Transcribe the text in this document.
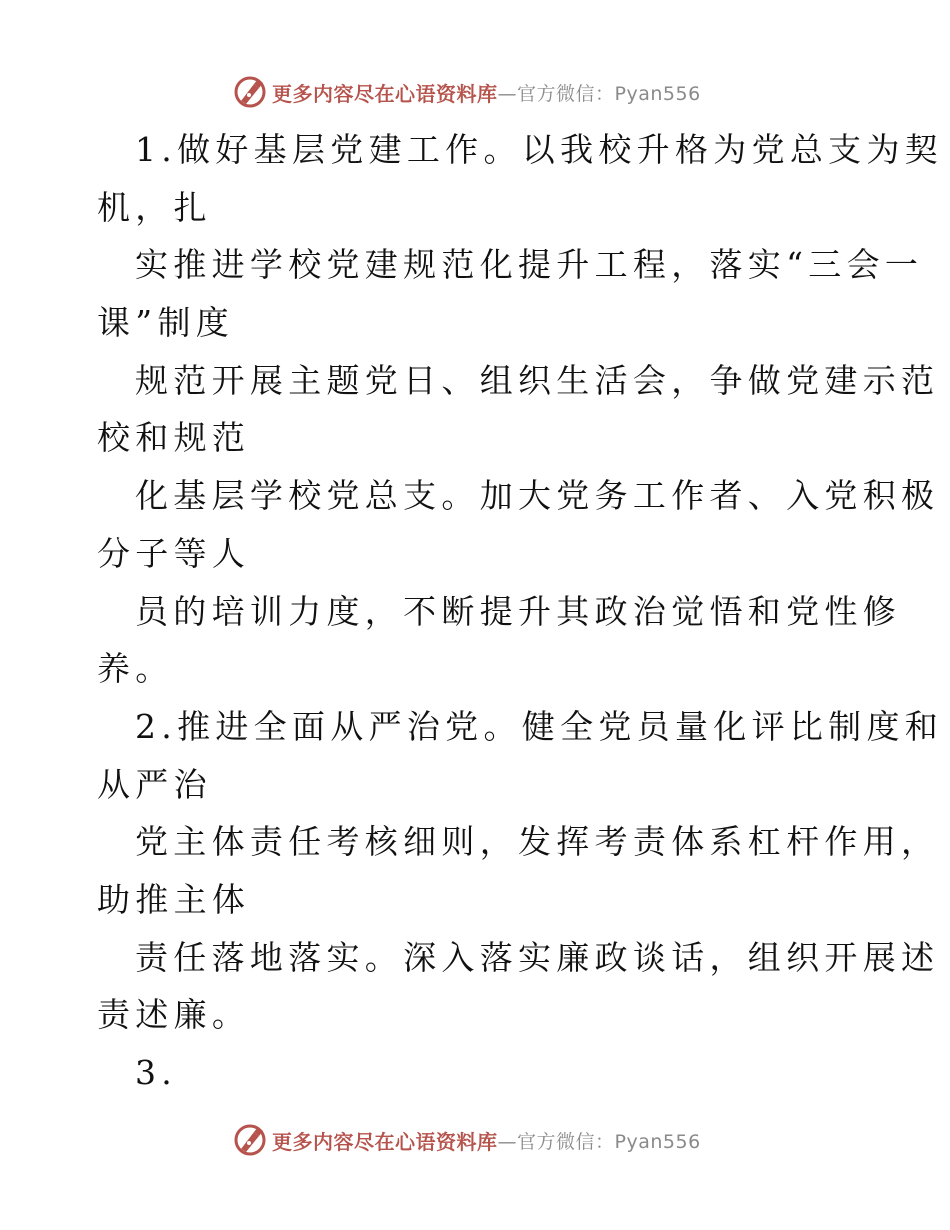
更多内容尽在心语资料库 —官方微信：Pyan556
1.做好基层党建工作。以我校升格为党总支为契
机，扎
实推进学校党建规范化提升工程，落实“三会一
课”制度
规范开展主题党日、组织生活会，争做党建示范
校和规范
化基层学校党总支。加大党务工作者、入党积极
分子等人
员的培训力度，不断提升其政治觉悟和党性修
养。
2.推进全面从严治党。健全党员量化评比制度和
从严治
党主体责任考核细则，发挥考责体系杠杆作用，
助推主体
责任落地落实。深入落实廉政谈话，组织开展述
责述廉。
3.
更多内容尽在心语资料库 —官方微信：Pyan556
